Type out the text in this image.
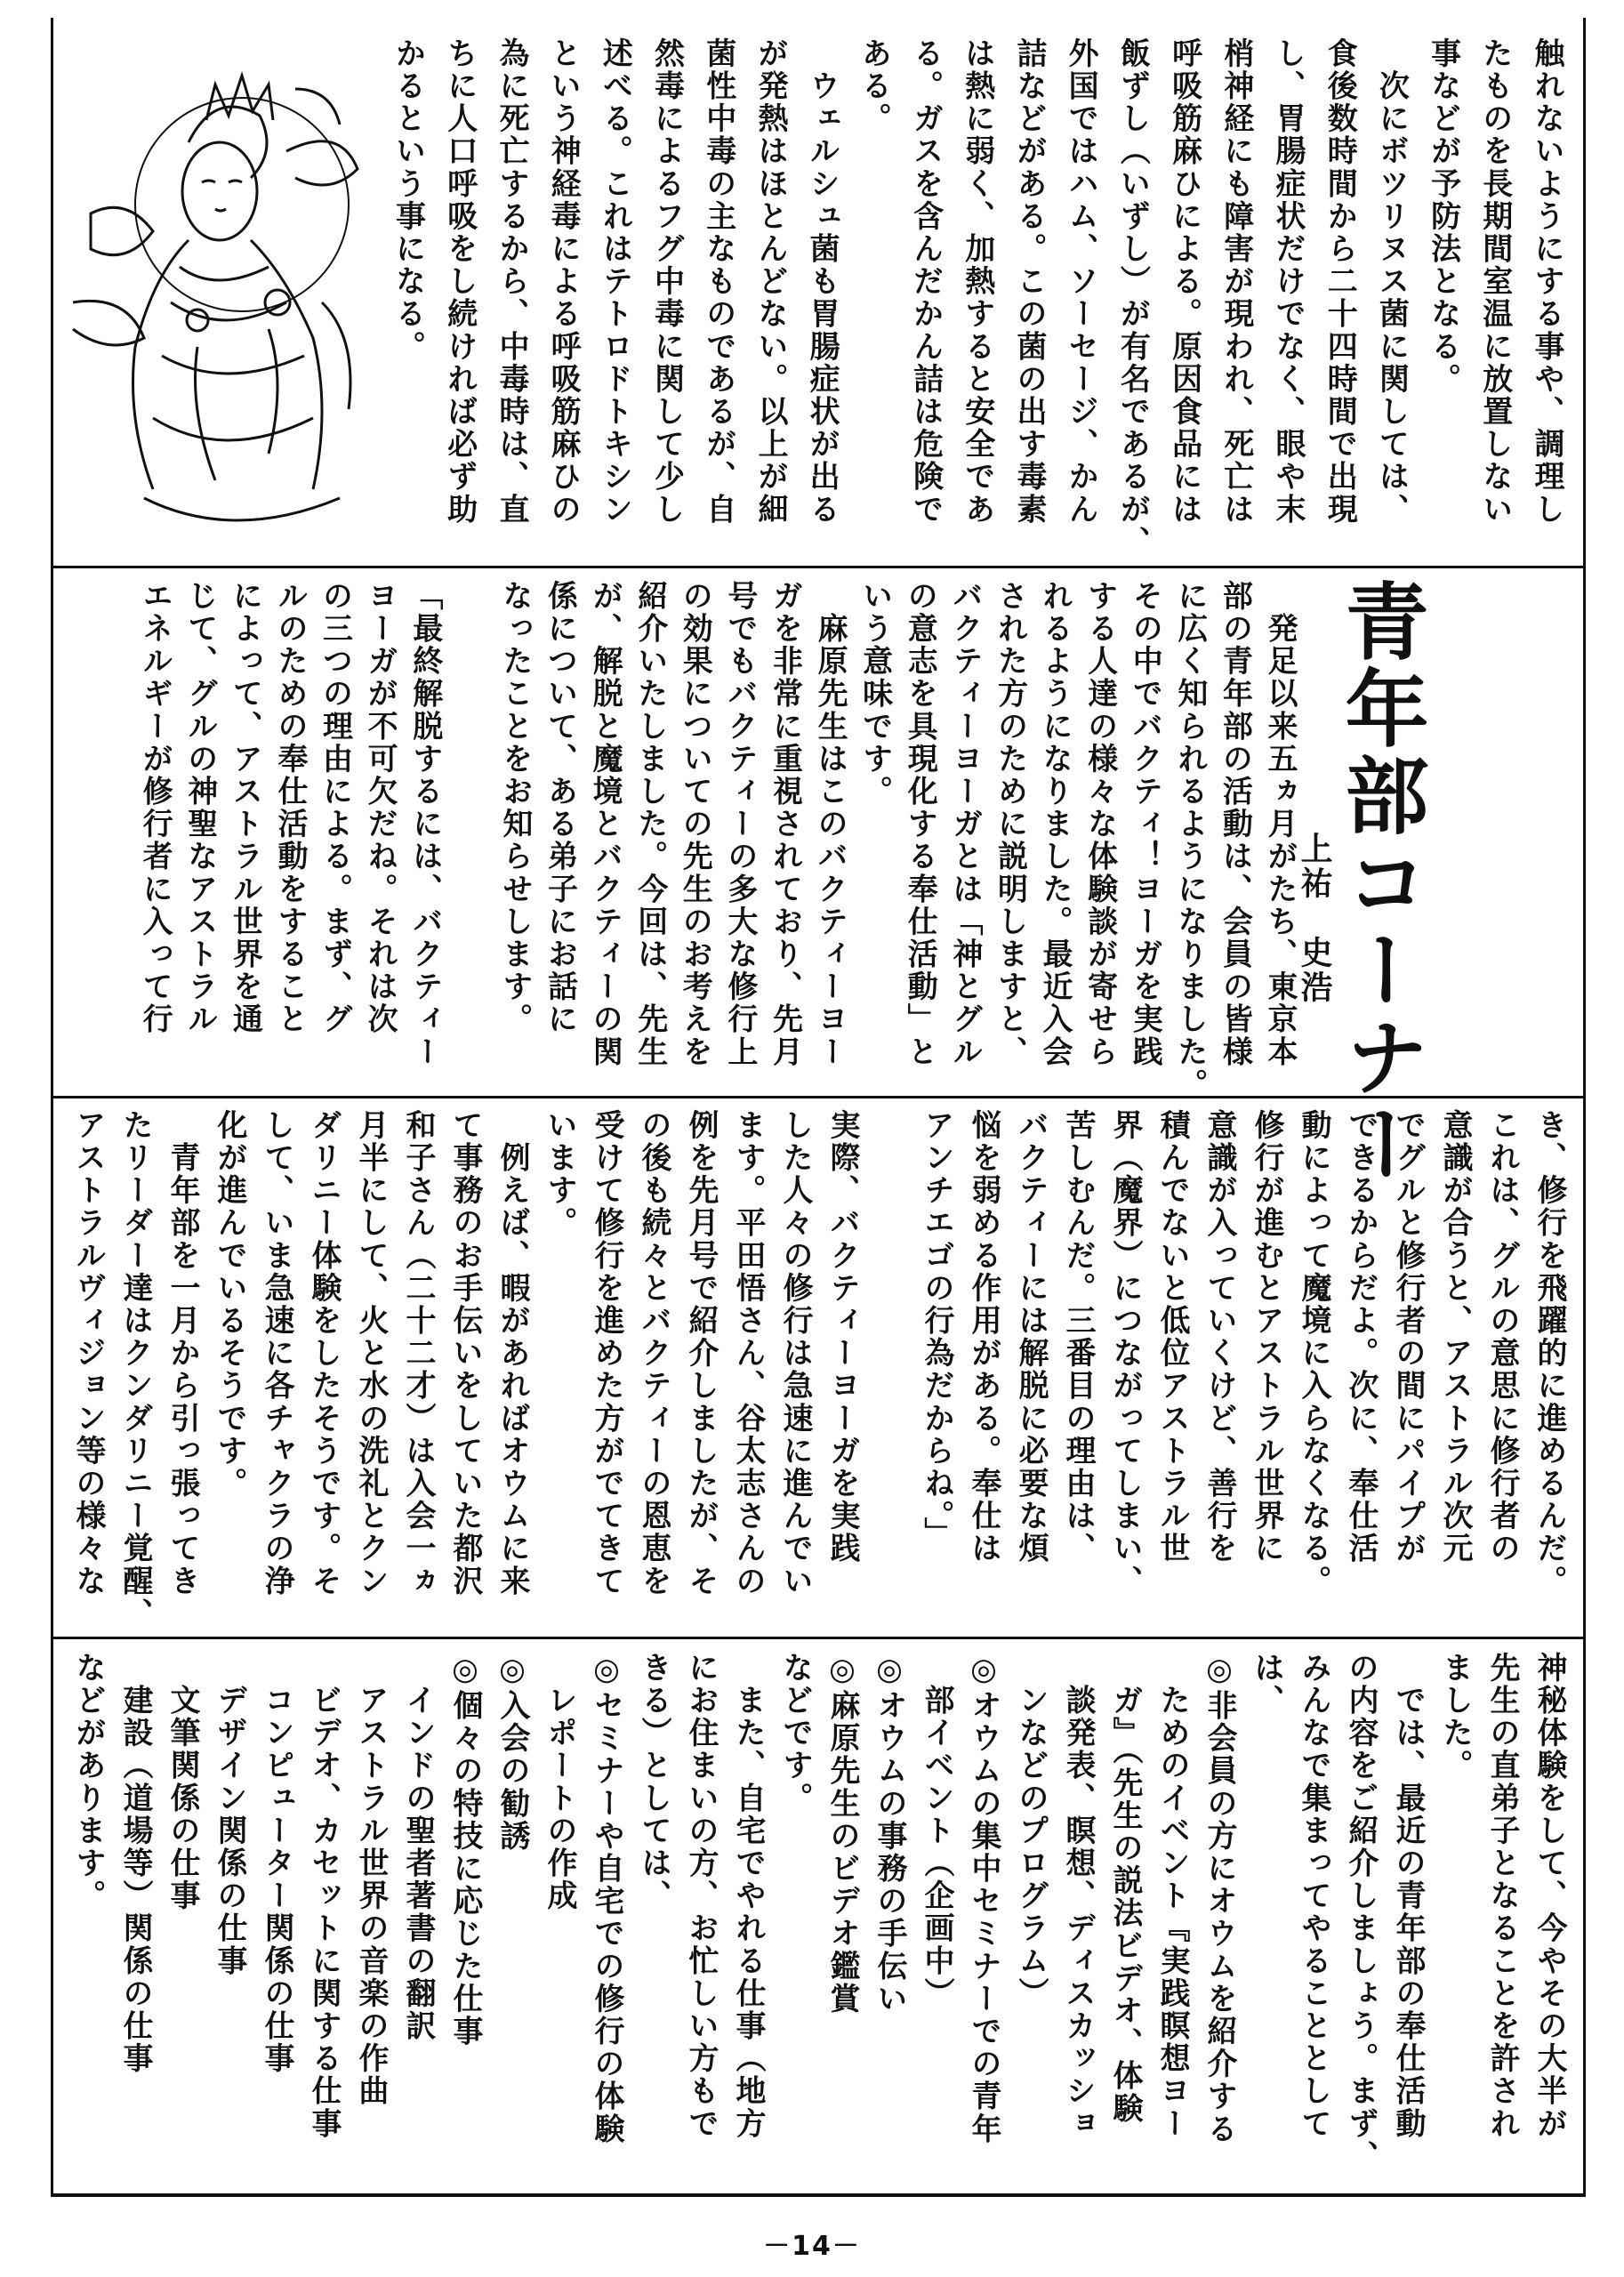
触れないようにする事や、調理し

たものを長期間室温に放置しない

事などが予防法となる。

　次にボツリヌス菌に関しては、

食後数時間から二十四時間で出現

し、胃腸症状だけでなく、眼や末

梢神経にも障害が現われ、死亡は

呼吸筋麻ひによる。原因食品には

飯ずし（いずし）が有名であるが、

外国ではハム、ソーセージ、かん

詰などがある。この菌の出す毒素

は熱に弱く、加熱すると安全であ

る。ガスを含んだかん詰は危険で

ある。

　ウェルシュ菌も胃腸症状が出る

が発熱はほとんどない。以上が細

菌性中毒の主なものであるが、自

然毒によるフグ中毒に関して少し

述べる。これはテトロドトキシン

という神経毒による呼吸筋麻ひの

為に死亡するから、中毒時は、直

ちに人口呼吸をし続ければ必ず助

かるという事になる。

青年部コーナー
上祐　史浩

　発足以来五ヵ月がたち、東京本

部の青年部の活動は、会員の皆様

に広く知られるようになりました。

その中でバクティ！ヨーガを実践

する人達の様々な体験談が寄せら

れるようになりました。最近入会

された方のために説明しますと、

バクティーヨーガとは「神とグル

の意志を具現化する奉仕活動」と

いう意味です。

　麻原先生はこのバクティーヨー

ガを非常に重視されており、先月

号でもバクティーの多大な修行上

の効果についての先生のお考えを

紹介いたしました。今回は、先生

が、解脱と魔境とバクティーの関

係について、ある弟子にお話に

なったことをお知らせします。

「最終解脱するには、バクティー

ヨーガが不可欠だね。それは次

の三つの理由による。まず、グ

ルのための奉仕活動をすること

によって、アストラル世界を通

じて、グルの神聖なアストラル

エネルギーが修行者に入って行

き、修行を飛躍的に進めるんだ。

これは、グルの意思に修行者の

意識が合うと、アストラル次元

でグルと修行者の間にパイプが

できるからだよ。次に、奉仕活

動によって魔境に入らなくなる。

修行が進むとアストラル世界に

意識が入っていくけど、善行を

積んでないと低位アストラル世

界（魔界）につながってしまい、

苦しむんだ。三番目の理由は、

バクティーには解脱に必要な煩

悩を弱める作用がある。奉仕は

アンチエゴの行為だからね。」

実際、バクティーヨーガを実践

した人々の修行は急速に進んでい

ます。平田悟さん、谷太志さんの

例を先月号で紹介しましたが、そ

の後も続々とバクティーの恩恵を

受けて修行を進めた方がでてきて

います。

　例えば、暇があればオウムに来

て事務のお手伝いをしていた都沢

和子さん（二十二才）は入会一ヵ

月半にして、火と水の洗礼とクン

ダリニー体験をしたそうです。そ

して、いま急速に各チャクラの浄

化が進んでいるそうです。

　青年部を一月から引っ張ってき

たリーダー達はクンダリニー覚醒、

アストラルヴィジョン等の様々な

神秘体験をして、今やその大半が

先生の直弟子となることを許され

ました。

　では、最近の青年部の奉仕活動

の内容をご紹介しましょう。まず、

みんなで集まってやることとして

は、

◎非会員の方にオウムを紹介する

　ためのイベント『実践瞑想ヨー

　ガ』（先生の説法ビデオ、体験

　談発表、瞑想、ディスカッショ

　ンなどのプログラム）

◎オウムの集中セミナーでの青年

　部イベント（企画中）

◎オウムの事務の手伝い

◎麻原先生のビデオ鑑賞

などです。

　また、自宅でやれる仕事（地方

にお住まいの方、お忙しい方もで

きる）としては、

◎セミナーや自宅での修行の体験

　レポートの作成

◎入会の勧誘

◎個々の特技に応じた仕事

　インドの聖者著書の翻訳

　アストラル世界の音楽の作曲

　ビデオ、カセットに関する仕事

　コンピューター関係の仕事

　デザイン関係の仕事

　文筆関係の仕事

　建設（道場等）関係の仕事

などがあります。

－14－
